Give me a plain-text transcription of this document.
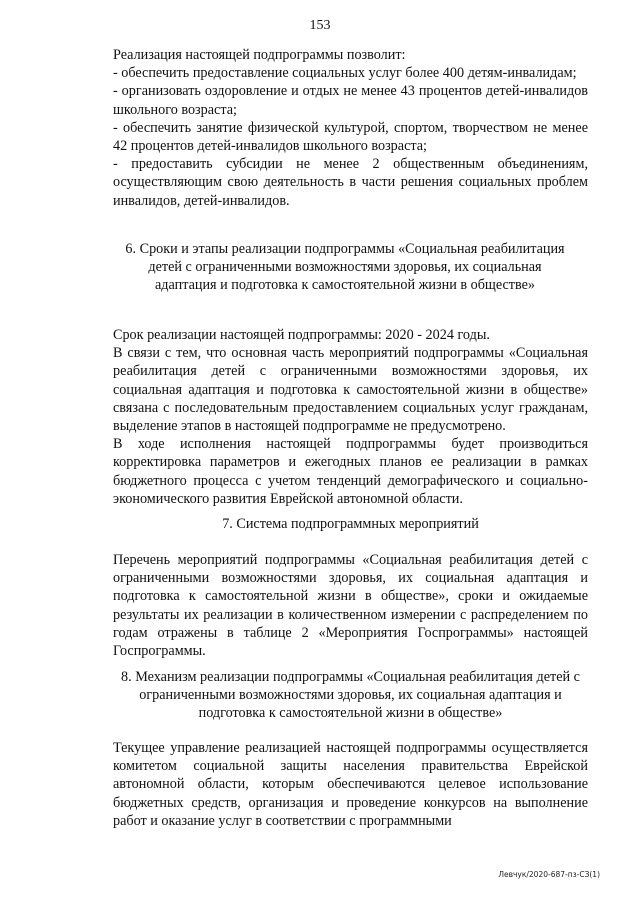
153

Реализация настоящей подпрограммы позволит:

- обеспечить предоставление социальных услуг более 400 детям-инвалидам;

- организовать оздоровление и отдых не менее 43 процентов детей-инвалидов школьного возраста;

- обеспечить занятие физической культурой, спортом, творчеством не менее 42 процентов детей-инвалидов школьного возраста;

- предоставить субсидии не менее 2 общественным объединениям, осуществляющим свою деятельность в части решения социальных проблем инвалидов, детей-инвалидов.

6. Сроки и этапы реализации подпрограммы «Социальная реабилитация детей с ограниченными возможностями здоровья, их социальная адаптация и подготовка к самостоятельной жизни в обществе»

Срок реализации настоящей подпрограммы: 2020 - 2024 годы.

В связи с тем, что основная часть мероприятий подпрограммы «Социальная реабилитация детей с ограниченными возможностями здоровья, их социальная адаптация и подготовка к самостоятельной жизни в обществе» связана с последовательным предоставлением социальных услуг гражданам, выделение этапов в настоящей подпрограмме не предусмотрено.

В ходе исполнения настоящей подпрограммы будет производиться корректировка параметров и ежегодных планов ее реализации в рамках бюджетного процесса с учетом тенденций демографического и социально-экономического развития Еврейской автономной области.

7. Система подпрограммных мероприятий

Перечень мероприятий подпрограммы «Социальная реабилитация детей с ограниченными возможностями здоровья, их социальная адаптация и подготовка к самостоятельной жизни в обществе», сроки и ожидаемые результаты их реализации в количественном измерении с распределением по годам отражены в таблице 2 «Мероприятия Госпрограммы» настоящей Госпрограммы.

8. Механизм реализации подпрограммы «Социальная реабилитация детей с ограниченными возможностями здоровья, их социальная адаптация и подготовка к самостоятельной жизни в обществе»

Текущее управление реализацией настоящей подпрограммы осуществляется комитетом социальной защиты населения правительства Еврейской автономной области, которым обеспечиваются целевое использование бюджетных средств, организация и проведение конкурсов на выполнение работ и оказание услуг в соответствии с программными

Левчук/2020-687-пз-СЗ(1)
